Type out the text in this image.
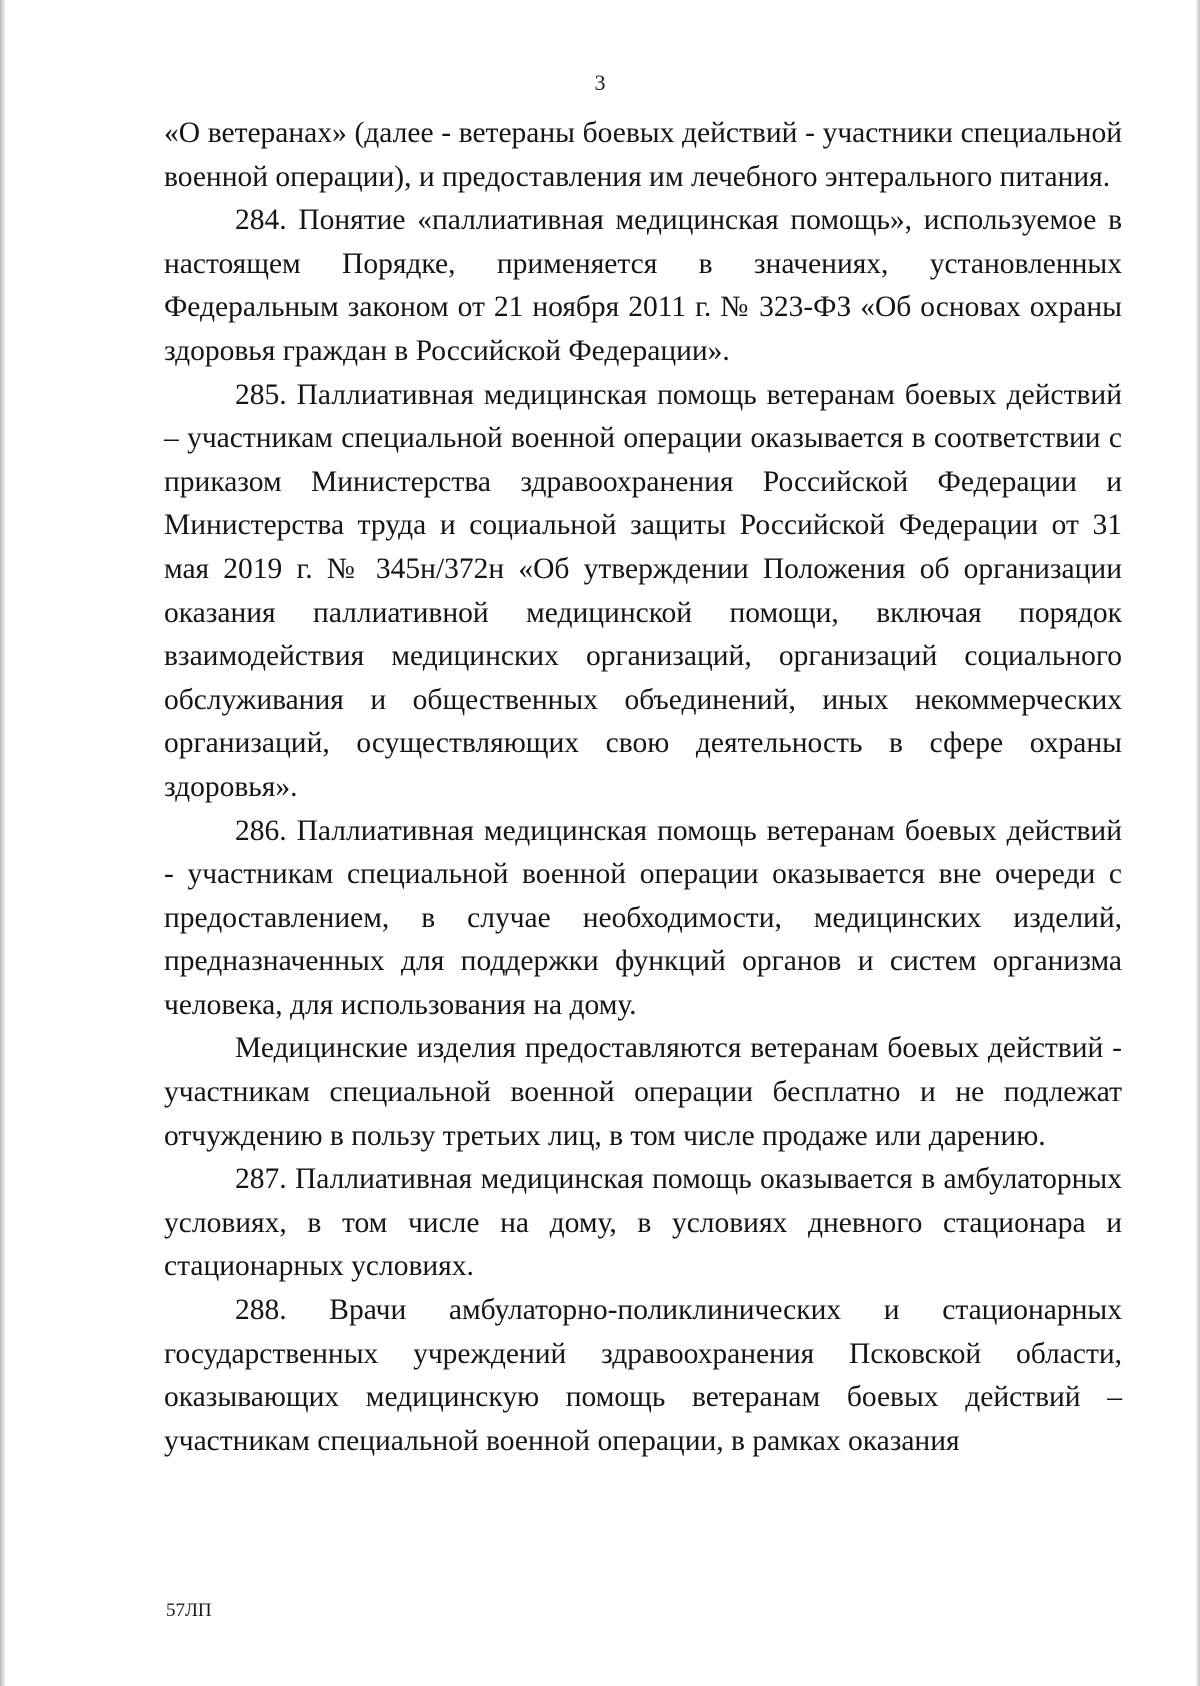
3

«О ветеранах» (далее - ветераны боевых действий - участники специальной военной операции), и предоставления им лечебного энтерального питания.

284. Понятие «паллиативная медицинская помощь», используемое в настоящем Порядке, применяется в значениях, установленных Федеральным законом от 21 ноября 2011 г. № 323-ФЗ «Об основах охраны здоровья граждан в Российской Федерации».

285. Паллиативная медицинская помощь ветеранам боевых действий – участникам специальной военной операции оказывается в соответствии с приказом Министерства здравоохранения Российской Федерации и Министерства труда и социальной защиты Российской Федерации от 31 мая 2019 г. № 345н/372н «Об утверждении Положения об организации оказания паллиативной медицинской помощи, включая порядок взаимодействия медицинских организаций, организаций социального обслуживания и общественных объединений, иных некоммерческих организаций, осуществляющих свою деятельность в сфере охраны здоровья».

286. Паллиативная медицинская помощь ветеранам боевых действий - участникам специальной военной операции оказывается вне очереди с предоставлением, в случае необходимости, медицинских изделий, предназначенных для поддержки функций органов и систем организма человека, для использования на дому.

Медицинские изделия предоставляются ветеранам боевых действий - участникам специальной военной операции бесплатно и не подлежат отчуждению в пользу третьих лиц, в том числе продаже или дарению.

287. Паллиативная медицинская помощь оказывается в амбулаторных условиях, в том числе на дому, в условиях дневного стационара и стационарных условиях.

288. Врачи амбулаторно-поликлинических и стационарных государственных учреждений здравоохранения Псковской области, оказывающих медицинскую помощь ветеранам боевых действий – участникам специальной военной операции, в рамках оказания

57ЛП
